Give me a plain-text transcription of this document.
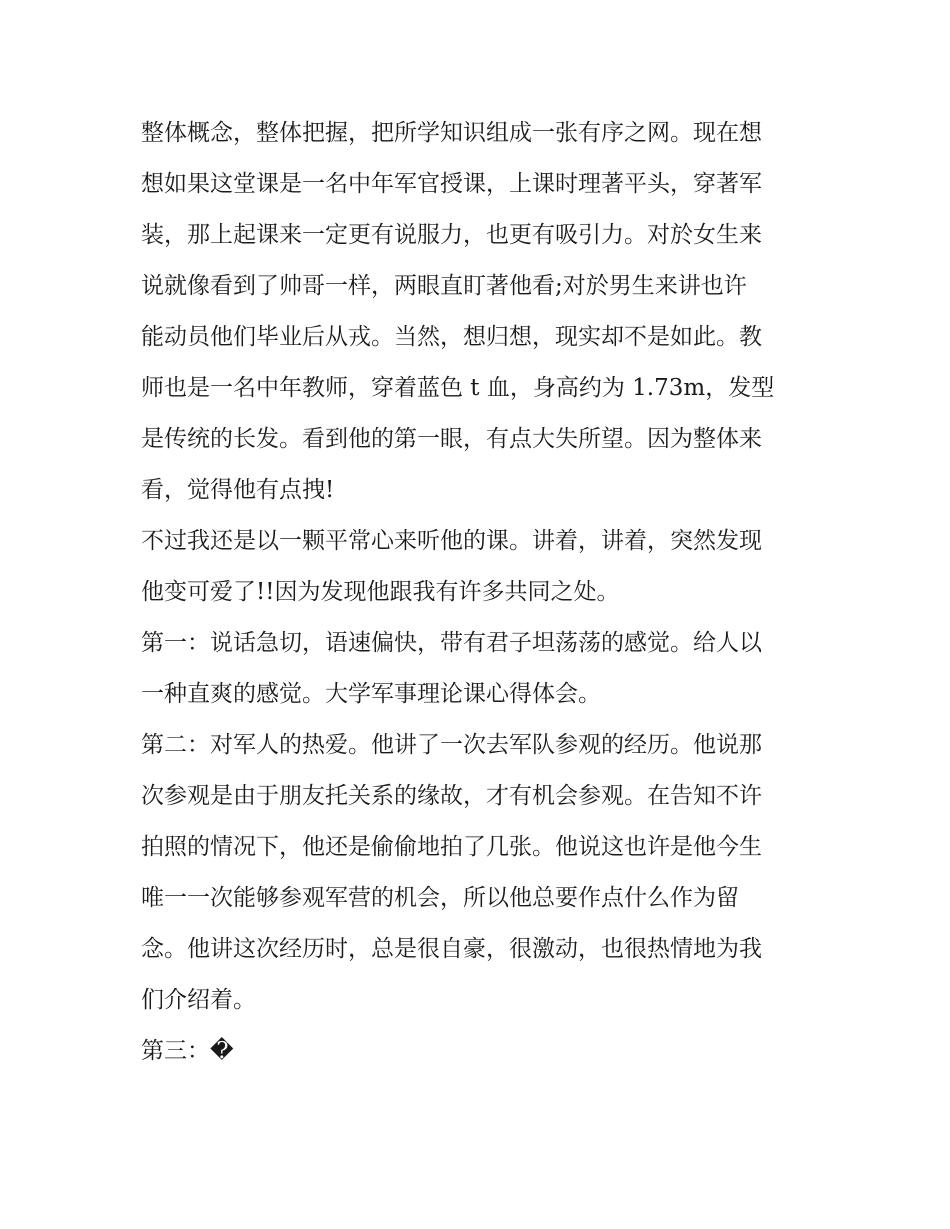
整体概念，整体把握，把所学知识组成一张有序之网。现在想
想如果这堂课是一名中年军官授课，上课时理著平头，穿著军
装，那上起课来一定更有说服力，也更有吸引力。对於女生来
说就像看到了帅哥一样，两眼直盯著他看;对於男生来讲也许
能动员他们毕业后从戎。当然，想归想，现实却不是如此。教
师也是一名中年教师，穿着蓝色 t 血，身高约为 1.73m，发型
是传统的长发。看到他的第一眼，有点大失所望。因为整体来
看，觉得他有点拽!
不过我还是以一颗平常心来听他的课。讲着，讲着，突然发现
他变可爱了!!因为发现他跟我有许多共同之处。
第一：说话急切，语速偏快，带有君子坦荡荡的感觉。给人以
一种直爽的感觉。大学军事理论课心得体会。
第二：对军人的热爱。他讲了一次去军队参观的经历。他说那
次参观是由于朋友托关系的缘故，才有机会参观。在告知不许
拍照的情况下，他还是偷偷地拍了几张。他说这也许是他今生
唯一一次能够参观军营的机会，所以他总要作点什么作为留
念。他讲这次经历时，总是很自豪，很激动，也很热情地为我
们介绍着。
第三：�
